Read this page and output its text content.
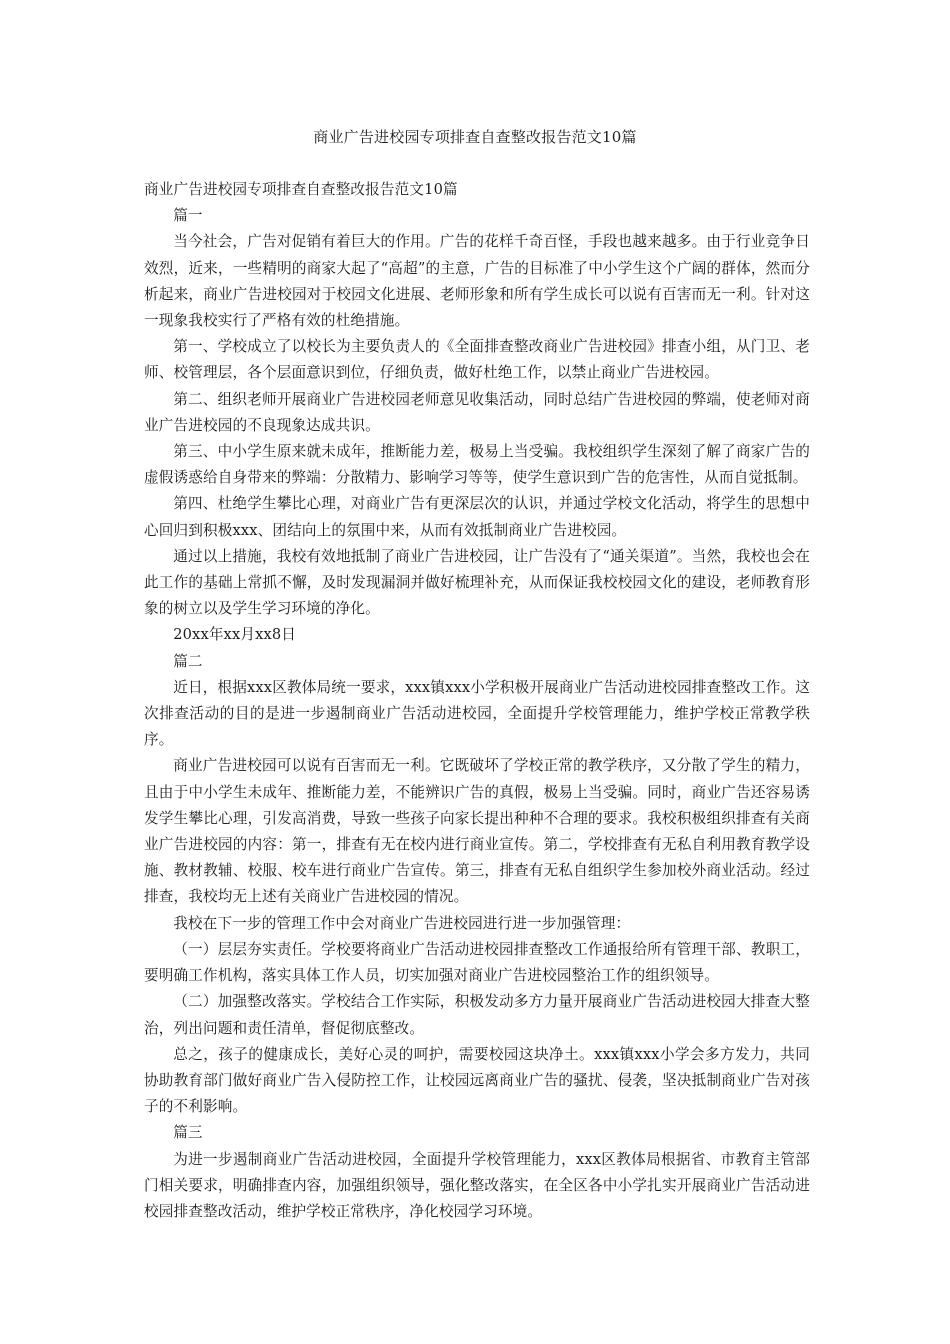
商业广告进校园专项排查自查整改报告范文10篇

商业广告进校园专项排查自查整改报告范文10篇

篇一

当今社会，广告对促销有着巨大的作用。广告的花样千奇百怪，手段也越来越多。由于行业竞争日效烈，近来，一些精明的商家大起了“高超”的主意，广告的目标准了中小学生这个广阔的群体，然而分析起来，商业广告进校园对于校园文化进展、老师形象和所有学生成长可以说有百害而无一利。针对这一现象我校实行了严格有效的杜绝措施。

第一、学校成立了以校长为主要负责人的《全面排查整改商业广告进校园》排查小组，从门卫、老师、校管理层，各个层面意识到位，仔细负责，做好杜绝工作，以禁止商业广告进校园。

第二、组织老师开展商业广告进校园老师意见收集活动，同时总结广告进校园的弊端，使老师对商业广告进校园的不良现象达成共识。

第三、中小学生原来就未成年，推断能力差，极易上当受骗。我校组织学生深刻了解了商家广告的虚假诱惑给自身带来的弊端：分散精力、影响学习等等，使学生意识到广告的危害性，从而自觉抵制。

第四、杜绝学生攀比心理，对商业广告有更深层次的认识，并通过学校文化活动，将学生的思想中心回归到积极xxx、团结向上的氛围中来，从而有效抵制商业广告进校园。

通过以上措施，我校有效地抵制了商业广告进校园，让广告没有了“通关渠道”。当然，我校也会在此工作的基础上常抓不懈，及时发现漏洞并做好梳理补充，从而保证我校校园文化的建设，老师教育形象的树立以及学生学习环境的净化。

20xx年xx月xx8日

篇二

近日，根据xxx区教体局统一要求，xxx镇xxx小学积极开展商业广告活动进校园排查整改工作。这次排查活动的目的是进一步遏制商业广告活动进校园，全面提升学校管理能力，维护学校正常教学秩序。

商业广告进校园可以说有百害而无一利。它既破坏了学校正常的教学秩序，又分散了学生的精力，且由于中小学生未成年、推断能力差，不能辨识广告的真假，极易上当受骗。同时，商业广告还容易诱发学生攀比心理，引发高消费，导致一些孩子向家长提出种种不合理的要求。我校积极组织排查有关商业广告进校园的内容：第一，排查有无在校内进行商业宣传。第二，学校排查有无私自利用教育教学设施、教材教辅、校服、校车进行商业广告宣传。第三，排查有无私自组织学生参加校外商业活动。经过排查，我校均无上述有关商业广告进校园的情况。

我校在下一步的管理工作中会对商业广告进校园进行进一步加强管理：

（一）层层夯实责任。学校要将商业广告活动进校园排查整改工作通报给所有管理干部、教职工，要明确工作机构，落实具体工作人员，切实加强对商业广告进校园整治工作的组织领导。

（二）加强整改落实。学校结合工作实际，积极发动多方力量开展商业广告活动进校园大排查大整治，列出问题和责任清单，督促彻底整改。

总之，孩子的健康成长，美好心灵的呵护，需要校园这块净土。xxx镇xxx小学会多方发力，共同协助教育部门做好商业广告入侵防控工作，让校园远离商业广告的骚扰、侵袭，坚决抵制商业广告对孩子的不利影响。

篇三

为进一步遏制商业广告活动进校园，全面提升学校管理能力，xxx区教体局根据省、市教育主管部门相关要求，明确排查内容，加强组织领导，强化整改落实，在全区各中小学扎实开展商业广告活动进校园排查整改活动，维护学校正常秩序，净化校园学习环境。
